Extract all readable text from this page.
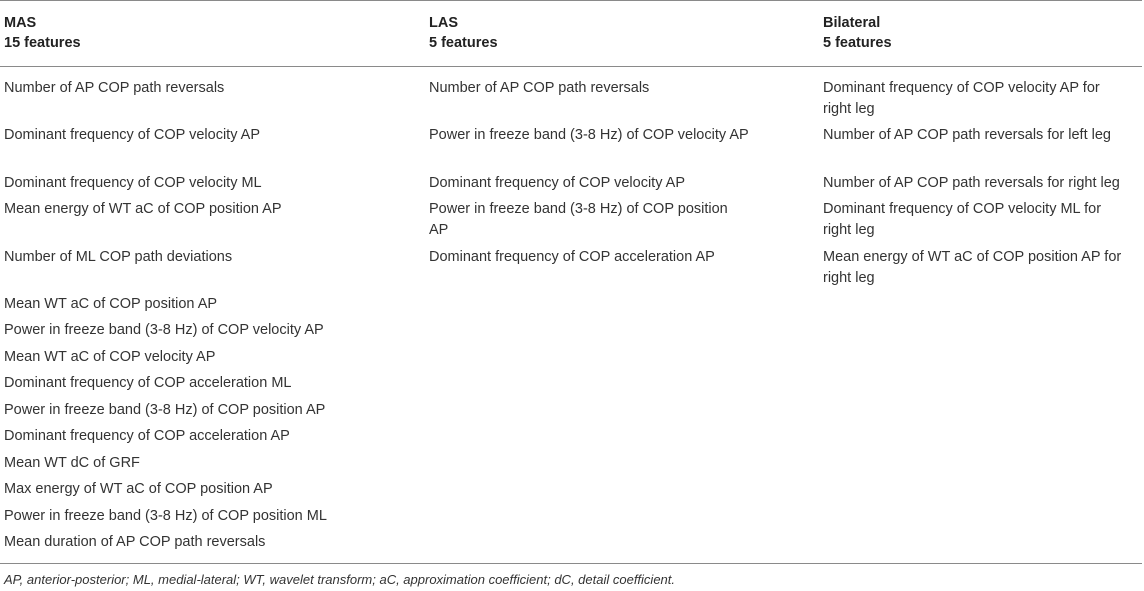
MAS
15 features
Number of AP COP path reversals
Dominant frequency of COP velocity AP
Dominant frequency of COP velocity ML
Mean energy of WT aC of COP position AP
Number of ML COP path deviations
Mean WT aC of COP position AP
Power in freeze band (3-8 Hz) of COP velocity AP
Mean WT aC of COP velocity AP
Dominant frequency of COP acceleration ML
Power in freeze band (3-8 Hz) of COP position AP
Dominant frequency of COP acceleration AP
Mean WT dC of GRF
Max energy of WT aC of COP position AP
Power in freeze band (3-8 Hz) of COP position ML
Mean duration of AP COP path reversals
LAS
5 features
Number of AP COP path reversals
Power in freeze band (3-8 Hz) of COP velocity AP
Dominant frequency of COP velocity AP
Power in freeze band (3-8 Hz) of COP position AP
Dominant frequency of COP acceleration AP
Bilateral
5 features
Dominant frequency of COP velocity AP for right leg
Number of AP COP path reversals for left leg
Number of AP COP path reversals for right leg
Dominant frequency of COP velocity ML for right leg
Mean energy of WT aC of COP position AP for right leg
AP, anterior-posterior; ML, medial-lateral; WT, wavelet transform; aC, approximation coefficient; dC, detail coefficient.
